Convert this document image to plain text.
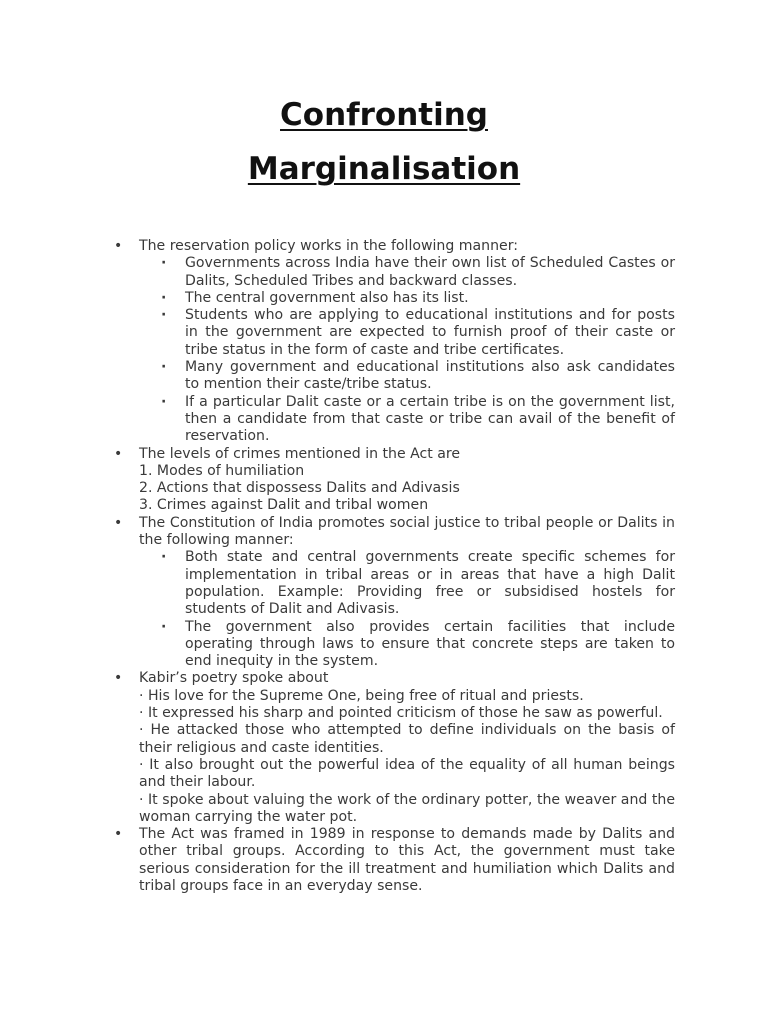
Confronting
Marginalisation
• The reservation policy works in the following manner:
· Governments across India have their own list of Scheduled Castes or Dalits, Scheduled Tribes and backward classes.
· The central government also has its list.
· Students who are applying to educational institutions and for posts in the government are expected to furnish proof of their caste or tribe status in the form of caste and tribe certificates.
· Many government and educational institutions also ask candidates to mention their caste/tribe status.
· If a particular Dalit caste or a certain tribe is on the government list, then a candidate from that caste or tribe can avail of the benefit of reservation.
• The levels of crimes mentioned in the Act are
1. Modes of humiliation
2. Actions that dispossess Dalits and Adivasis
3. Crimes against Dalit and tribal women
• The Constitution of India promotes social justice to tribal people or Dalits in the following manner:
· Both state and central governments create specific schemes for implementation in tribal areas or in areas that have a high Dalit population. Example: Providing free or subsidised hostels for students of Dalit and Adivasis.
· The government also provides certain facilities that include operating through laws to ensure that concrete steps are taken to end inequity in the system.
• Kabir’s poetry spoke about
· His love for the Supreme One, being free of ritual and priests.
· It expressed his sharp and pointed criticism of those he saw as powerful.
· He attacked those who attempted to define individuals on the basis of their religious and caste identities.
· It also brought out the powerful idea of the equality of all human beings and their labour.
· It spoke about valuing the work of the ordinary potter, the weaver and the woman carrying the water pot.
• The Act was framed in 1989 in response to demands made by Dalits and other tribal groups. According to this Act, the government must take serious consideration for the ill treatment and humiliation which Dalits and tribal groups face in an everyday sense.
